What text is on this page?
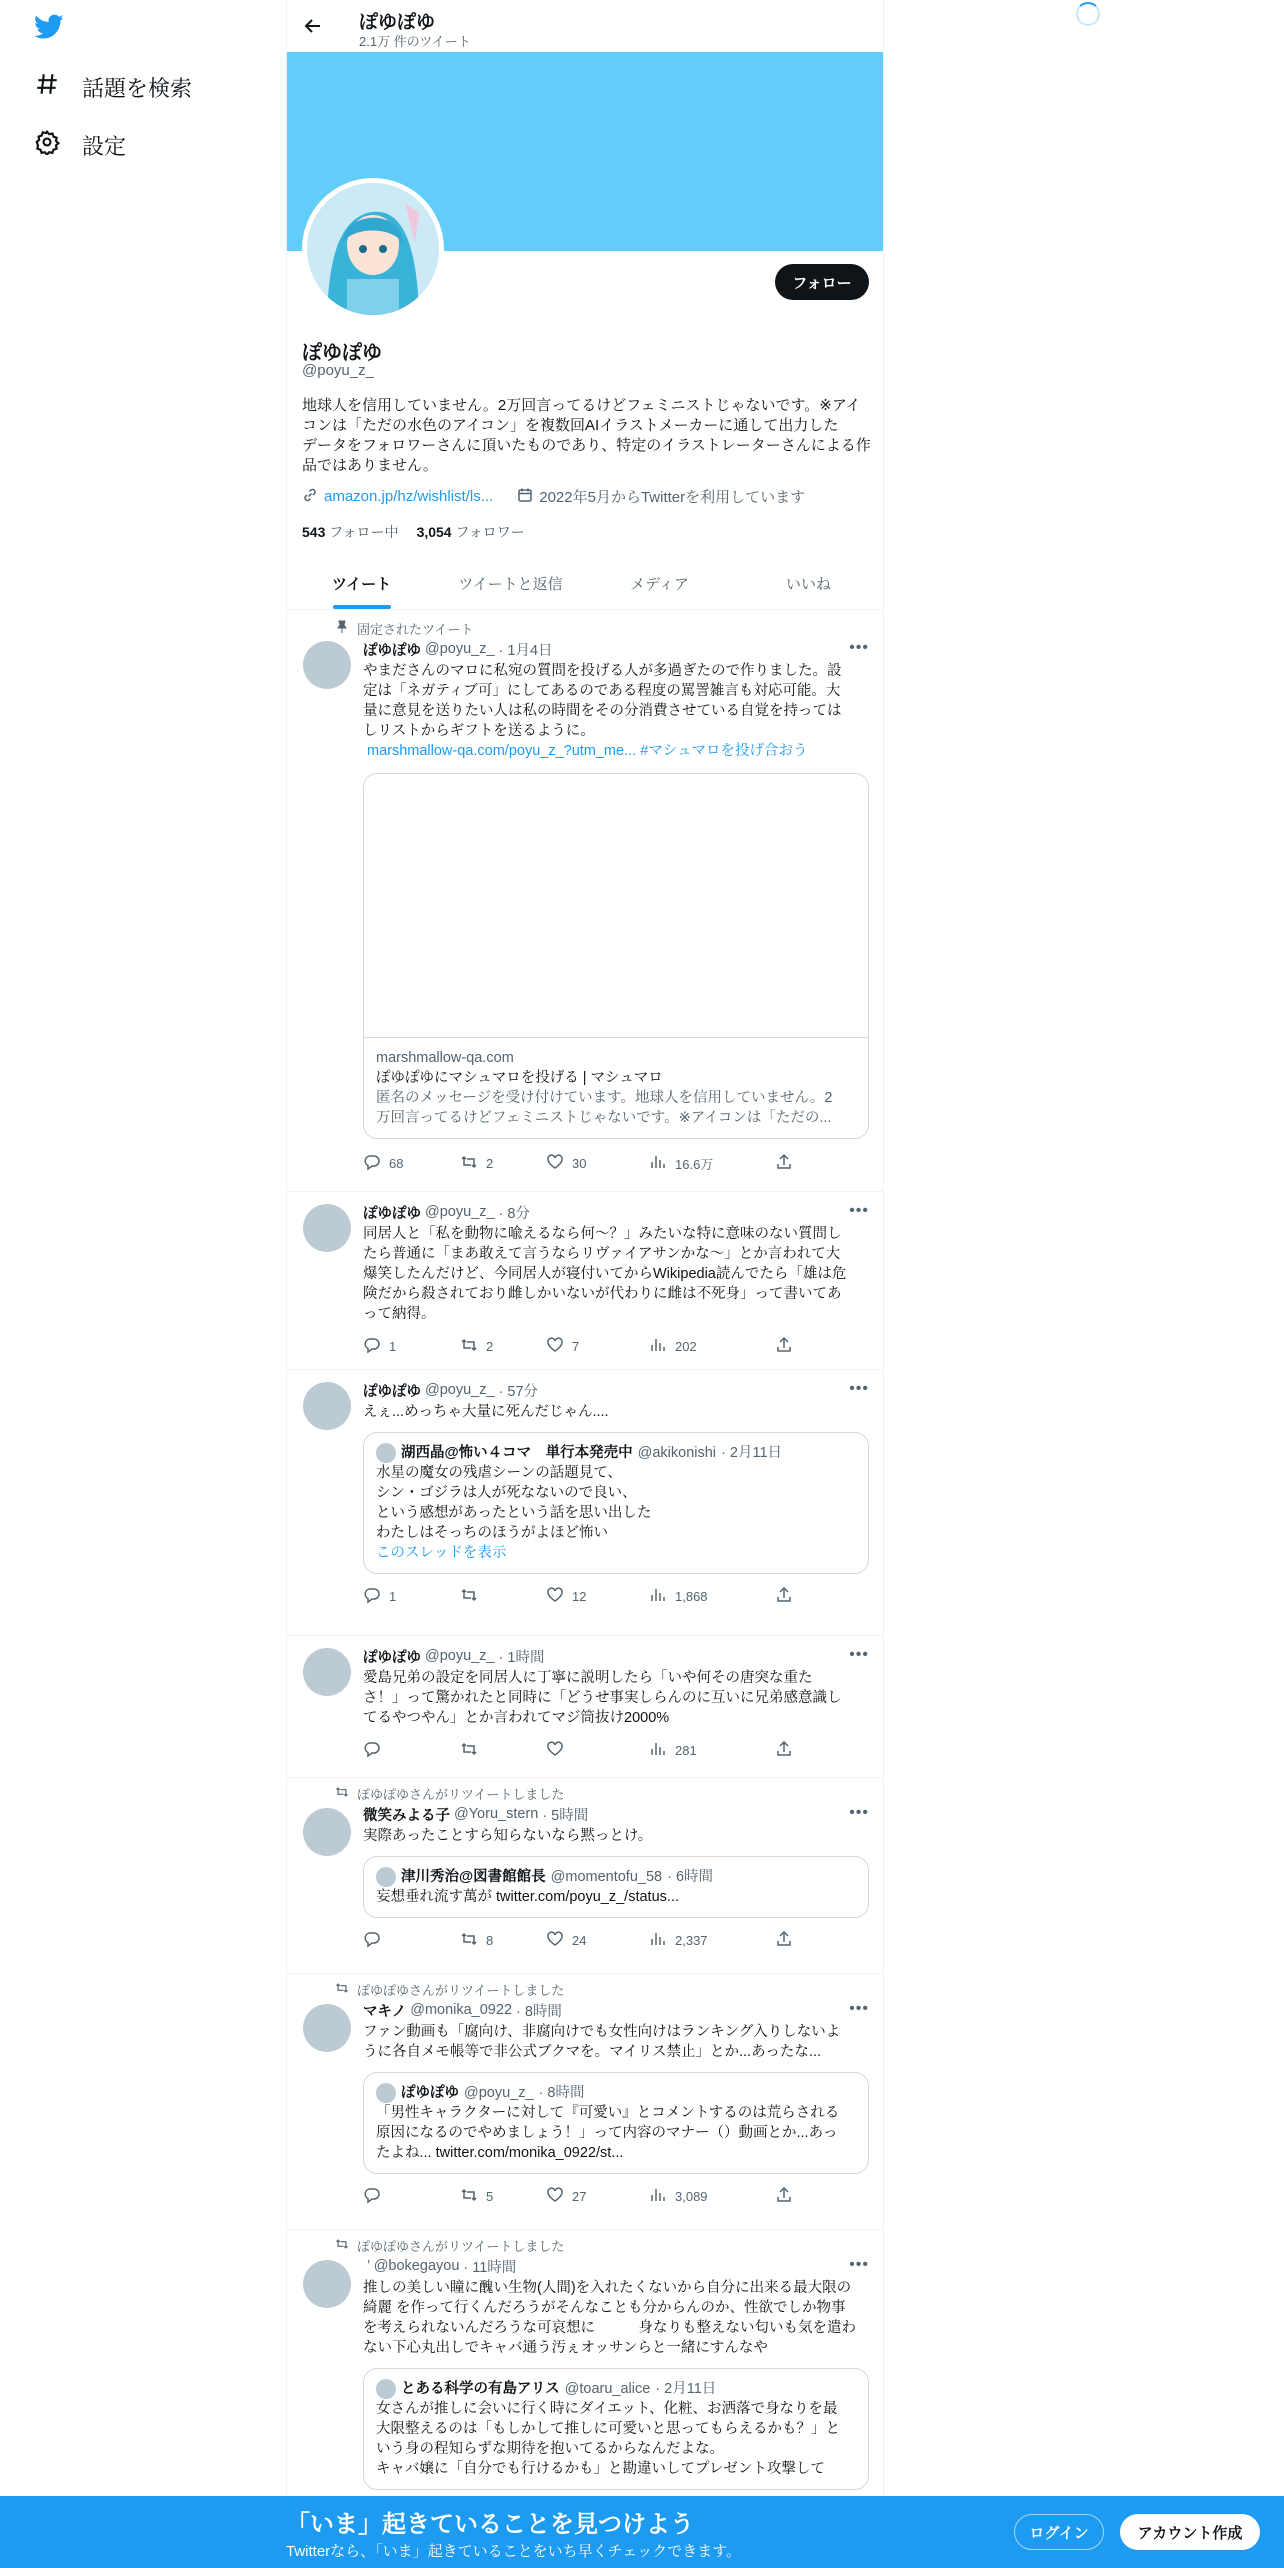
話題を検索
設定
ぽゆぽゆ
2.1万 件のツイート
フォロー
ぽゆぽゆ
@poyu_z_
地球人を信用していません。2万回言ってるけどフェミニストじゃないです。※アイ
コンは「ただの水色のアイコン」を複数回AIイラストメーカーに通して出力した
データをフォロワーさんに頂いたものであり、特定のイラストレーターさんによる作
品ではありません。
amazon.jp/hz/wishlist/ls...	2022年5月からTwitterを利用しています
543 フォロー中 3,054 フォロワー
ツイート	ツイートと返信	メディア	いいね
固定されたツイート
ぽゆぽゆ @poyu_z_ · 1月4日	•••
やまださんのマロに私宛の質問を投げる人が多過ぎたので作りました。設
定は「ネガティブ可」にしてあるのである程度の罵詈雑言も対応可能。大
量に意見を送りたい人は私の時間をその分消費させている自覚を持っては
しリストからギフトを送るように。
marshmallow-qa.com/poyu_z_?utm_me... #マシュマロを投げ合おう
marshmallow-qa.com
ぽゆぽゆにマシュマロを投げる | マシュマロ
匿名のメッセージを受け付けています。地球人を信用していません。2
万回言ってるけどフェミニストじゃないです。※アイコンは「ただの...
68	2	30	16.6万
ぽゆぽゆ @poyu_z_ · 8分	•••
同居人と「私を動物に喩えるなら何〜？」みたいな特に意味のない質問し
たら普通に「まあ敢えて言うならリヴァイアサンかな〜」とか言われて大
爆笑したんだけど、今同居人が寝付いてからWikipedia読んでたら「雄は危
険だから殺されており雌しかいないが代わりに雌は不死身」って書いてあ
って納得。
1	2	7	202
ぽゆぽゆ @poyu_z_ · 57分	•••
えぇ...めっちゃ大量に死んだじゃん....
湖西晶@怖い４コマ　単行本発売中 @akikonishi · 2月11日
水星の魔女の残虐シーンの話題見て、
シン・ゴジラは人が死なないので良い、
という感想があったという話を思い出した
わたしはそっちのほうがよほど怖い
このスレッドを表示
1	12	1,868
ぽゆぽゆ @poyu_z_ · 1時間	•••
愛島兄弟の設定を同居人に丁寧に説明したら「いや何その唐突な重た
さ！」って驚かれたと同時に「どうせ事実しらんのに互いに兄弟感意識し
てるやつやん」とか言われてマジ筒抜け2000%
281
ぽゆぽゆさんがリツイートしました
微笑みよる子 @Yoru_stern · 5時間	•••
実際あったことすら知らないなら黙っとけ。
津川秀治@図書館館長 @momentofu_58 · 6時間
妄想垂れ流す萬が twitter.com/poyu_z_/status...
8	24	2,337
ぽゆぽゆさんがリツイートしました
マキノ @monika_0922 · 8時間	•••
ファン動画も「腐向け、非腐向けでも女性向けはランキング入りしないよ
うに各自メモ帳等で非公式ブクマを。マイリス禁止」とか...あったな...
ぽゆぽゆ @poyu_z_ · 8時間
「男性キャラクターに対して『可愛い』とコメントするのは荒らされる
原因になるのでやめましょう！」って内容のマナー（）動画とか...あっ
たよね... twitter.com/monika_0922/st...
5	27	3,089
ぽゆぽゆさんがリツイートしました
’ @bokegayou · 11時間	•••
推しの美しい瞳に醜い生物(人間)を入れたくないから自分に出来る最大限の
綺麗 を作って行くんだろうがそんなことも分からんのか、性欲でしか物事
を考えられないんだろうな可哀想に　　　身なりも整えない匂いも気を遣わ
ない下心丸出しでキャバ通う汚ぇオッサンらと一緒にすんなや
とある科学の有島アリス @toaru_alice · 2月11日
女さんが推しに会いに行く時にダイエット、化粧、お洒落で身なりを最
大限整えるのは「もしかして推しに可愛いと思ってもらえるかも？」と
いう身の程知らずな期待を抱いてるからなんだよな。
キャバ嬢に「自分でも行けるかも」と勘違いしてプレゼント攻撃して
「いま」起きていることを見つけよう
Twitterなら、「いま」起きていることをいち早くチェックできます。
ログイン	アカウント作成
